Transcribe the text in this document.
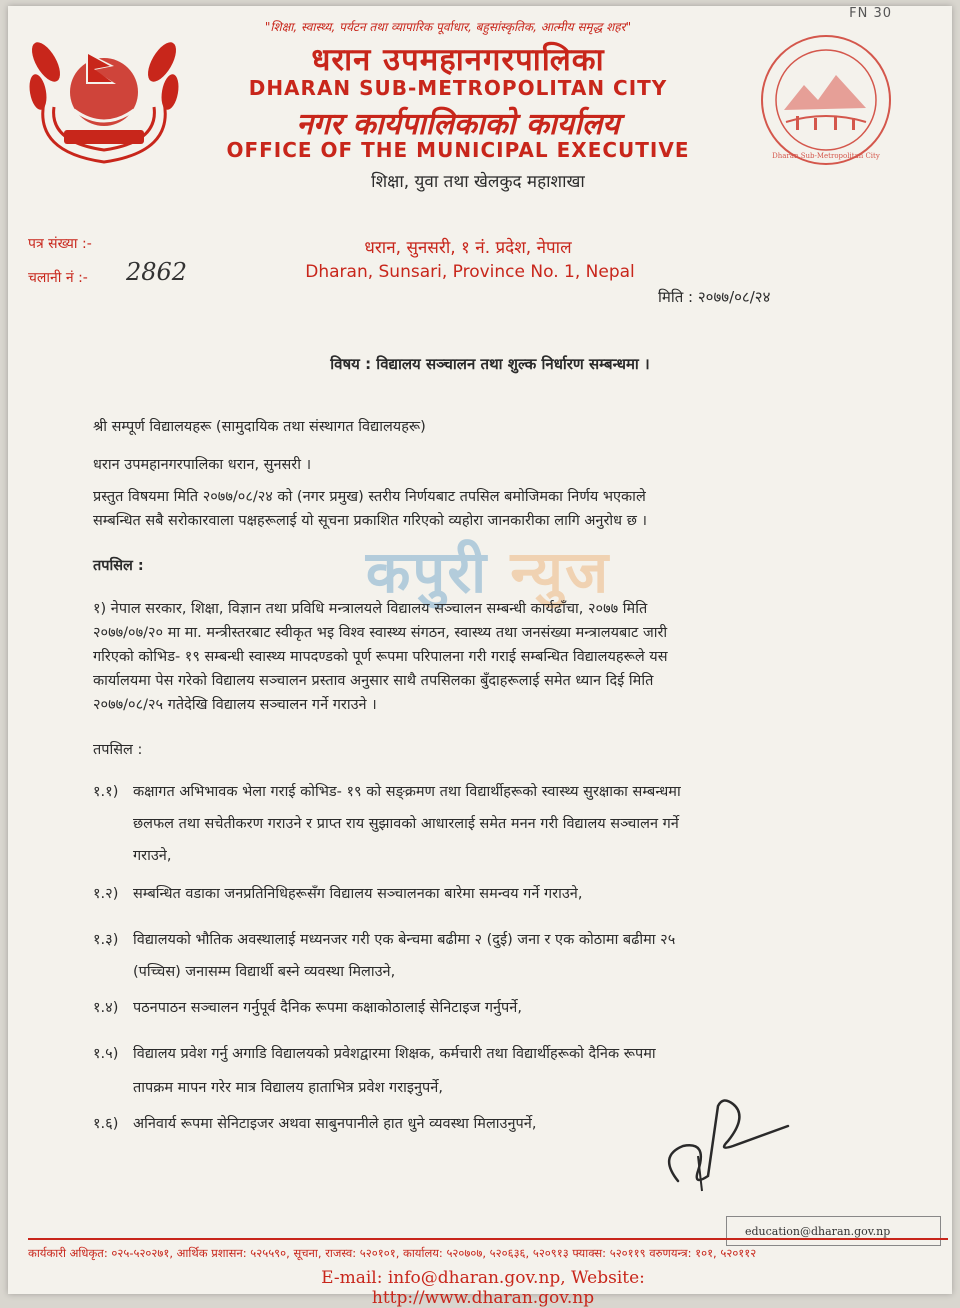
FN 30
"शिक्षा, स्वास्थ्य, पर्यटन तथा व्यापारिक पूर्वाधार, बहुसांस्कृतिक, आत्मीय समृद्ध शहर"
धरान उपमहानगरपालिका
DHARAN SUB-METROPOLITAN CITY
नगर कार्यपालिकाको कार्यालय
OFFICE OF THE MUNICIPAL EXECUTIVE
शिक्षा, युवा तथा खेलकुद महाशाखा
Dharan Sub-Metropolitan City
पत्र संख्या :-
चलानी नं :- 2862
धरान, सुनसरी, १ नं. प्रदेश, नेपाल
Dharan, Sunsari, Province No. 1, Nepal
मिति : २०७७/०८/२४
विषय : विद्यालय सञ्चालन तथा शुल्क निर्धारण सम्बन्धमा ।
श्री सम्पूर्ण विद्यालयहरू (सामुदायिक तथा संस्थागत विद्यालयहरू)
धरान उपमहानगरपालिका धरान, सुनसरी ।
प्रस्तुत विषयमा मिति २०७७/०८/२४ को (नगर प्रमुख) स्तरीय निर्णयबाट तपसिल बमोजिमका निर्णय भएकाले
सम्बन्धित सबै सरोकारवाला पक्षहरूलाई यो सूचना प्रकाशित गरिएको व्यहोरा जानकारीका लागि अनुरोध छ ।
कपुरी न्युज
तपसिल :
१) नेपाल सरकार, शिक्षा, विज्ञान तथा प्रविधि मन्त्रालयले विद्यालय सञ्चालन सम्बन्धी कार्यढाँचा, २०७७ मिति
२०७७/०७/२० मा मा. मन्त्रीस्तरबाट स्वीकृत भइ विश्व स्वास्थ्य संगठन, स्वास्थ्य तथा जनसंख्या मन्त्रालयबाट जारी
गरिएको कोभिड- १९ सम्बन्धी स्वास्थ्य मापदण्डको पूर्ण रूपमा परिपालना गरी गराई सम्बन्धित विद्यालयहरूले यस
कार्यालयमा पेस गरेको विद्यालय सञ्चालन प्रस्ताव अनुसार साथै तपसिलका बुँदाहरूलाई समेत ध्यान दिई मिति
२०७७/०८/२५ गतेदेखि विद्यालय सञ्चालन गर्ने गराउने ।
तपसिल :
१.१) कक्षागत अभिभावक भेला गराई कोभिड- १९ को सङ्क्रमण तथा विद्यार्थीहरूको स्वास्थ्य सुरक्षाका सम्बन्धमा
छलफल तथा सचेतीकरण गराउने र प्राप्त राय सुझावको आधारलाई समेत मनन गरी विद्यालय सञ्चालन गर्ने
गराउने,
१.२) सम्बन्धित वडाका जनप्रतिनिधिहरूसँग विद्यालय सञ्चालनका बारेमा समन्वय गर्ने गराउने,
१.३) विद्यालयको भौतिक अवस्थालाई मध्यनजर गरी एक बेन्चमा बढीमा २ (दुई) जना र एक कोठामा बढीमा २५
(पच्चिस) जनासम्म विद्यार्थी बस्ने व्यवस्था मिलाउने,
१.४) पठनपाठन सञ्चालन गर्नुपूर्व दैनिक रूपमा कक्षाकोठालाई सेनिटाइज गर्नुपर्ने,
१.५) विद्यालय प्रवेश गर्नु अगाडि विद्यालयको प्रवेशद्वारमा शिक्षक, कर्मचारी तथा विद्यार्थीहरूको दैनिक रूपमा
तापक्रम मापन गरेर मात्र विद्यालय हाताभित्र प्रवेश गराइनुपर्ने,
१.६) अनिवार्य रूपमा सेनिटाइजर अथवा साबुनपानीले हात धुने व्यवस्था मिलाउनुपर्ने,
education@dharan.gov.np
कार्यकारी अधिकृत: ०२५-५२०२७१, आर्थिक प्रशासन: ५२५५९०, सूचना, राजस्व: ५२०१०१, कार्यालय: ५२०७०७, ५२०६३६, ५२०९१३ फ्याक्स: ५२०११९ वरुणयन्त्र: १०१, ५२०११२
E-mail: info@dharan.gov.np, Website: http://www.dharan.gov.np
